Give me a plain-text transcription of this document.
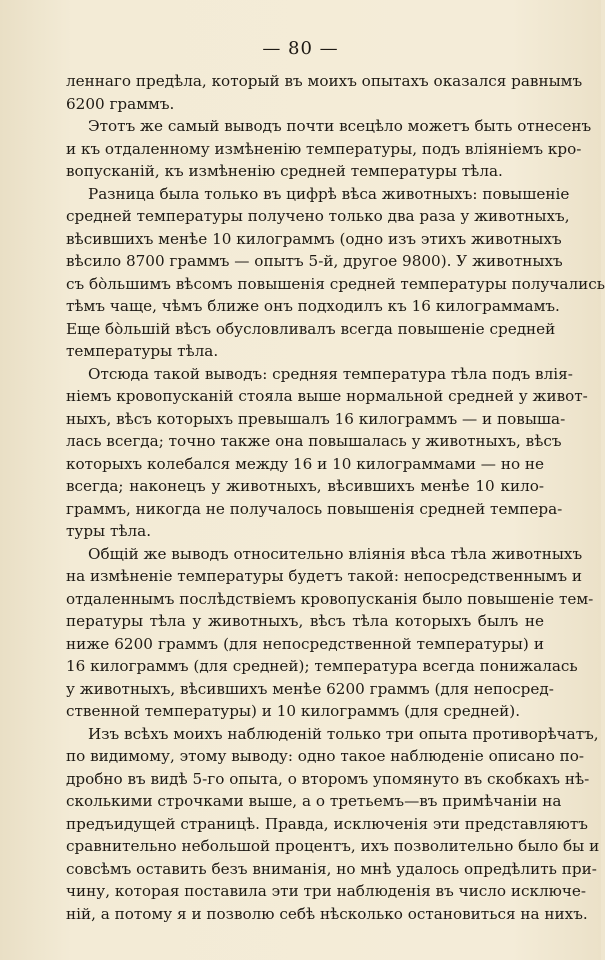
— 80 —
леннаго предѣла, который въ моихъ опытахъ оказался равнымъ
6200 граммъ.
Этотъ же самый выводъ почти всецѣло можетъ быть отнесенъ
и къ отдаленному измѣненію температуры, подъ вліяніемъ кро-
вопусканій, къ измѣненію средней температуры тѣла.
Разница была только въ цифрѣ вѣса животныхъ: повышеніе
средней температуры получено только два раза у животныхъ,
вѣсившихъ менѣе 10 килограммъ (одно изъ этихъ животныхъ
вѣсило 8700 граммъ — опытъ 5-й, другое 9800). У животныхъ
съ бо̀льшимъ вѣсомъ повышенія средней температуры получались
тѣмъ чаще, чѣмъ ближе онъ подходилъ къ 16 килограммамъ.
Еще бо̀льшій вѣсъ обусловливалъ всегда повышеніе средней
температуры тѣла.
Отсюда такой выводъ: средняя температура тѣла подъ влія-
ніемъ кровопусканій стояла выше нормальной средней у живот-
ныхъ, вѣсъ которыхъ превышалъ 16 килограммъ — и повыша-
лась всегда; точно также она повышалась у животныхъ, вѣсъ
которыхъ колебался между 16 и 10 килограммами — но не
всегда; наконецъ у животныхъ, вѣсившихъ менѣе 10 кило-
граммъ, никогда не получалось повышенія средней темпера-
туры тѣла.
Общій же выводъ относительно вліянія вѣса тѣла животныхъ
на измѣненіе температуры будетъ такой: непосредственнымъ и
отдаленнымъ послѣдствіемъ кровопусканія было повышеніе тем-
пературы тѣла у животныхъ, вѣсъ тѣла которыхъ былъ не
ниже 6200 граммъ (для непосредственной температуры) и
16 килограммъ (для средней); температура всегда понижалась
у животныхъ, вѣсившихъ менѣе 6200 граммъ (для непосред-
ственной температуры) и 10 килограммъ (для средней).
Изъ всѣхъ моихъ наблюденій только три опыта противорѣчатъ,
по видимому, этому выводу: одно такое наблюденіе описано по-
дробно въ видѣ 5-го опыта, о второмъ упомянуто въ скобкахъ нѣ-
сколькими строчками выше, а о третьемъ—въ примѣчаніи на
предъидущей страницѣ. Правда, исключенія эти представляютъ
сравнительно небольшой процентъ, ихъ позволительно было бы и
совсѣмъ оставить безъ вниманія, но мнѣ удалось опредѣлить при-
чину, которая поставила эти три наблюденія въ число исключе-
ній, а потому я и позволю себѣ нѣсколько остановиться на нихъ.
